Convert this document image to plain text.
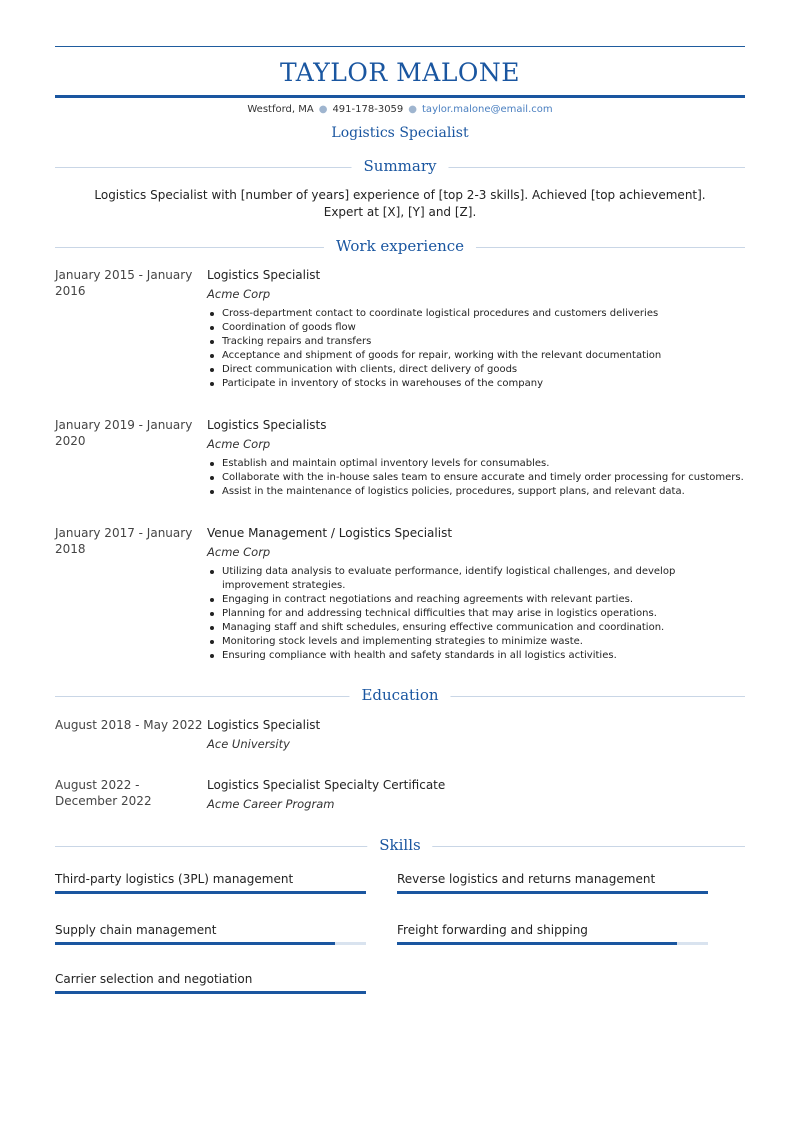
TAYLOR MALONE
Westford, MA ● 491-178-3059 ● taylor.malone@email.com
Logistics Specialist
Summary
Logistics Specialist with [number of years] experience of [top 2-3 skills]. Achieved [top achievement]. Expert at [X], [Y] and [Z].
Work experience
January 2015 - January 2016
Logistics Specialist
Acme Corp
Cross-department contact to coordinate logistical procedures and customers deliveries
Coordination of goods flow
Tracking repairs and transfers
Acceptance and shipment of goods for repair, working with the relevant documentation
Direct communication with clients, direct delivery of goods
Participate in inventory of stocks in warehouses of the company
January 2019 - January 2020
Logistics Specialists
Acme Corp
Establish and maintain optimal inventory levels for consumables.
Collaborate with the in-house sales team to ensure accurate and timely order processing for customers.
Assist in the maintenance of logistics policies, procedures, support plans, and relevant data.
January 2017 - January 2018
Venue Management / Logistics Specialist
Acme Corp
Utilizing data analysis to evaluate performance, identify logistical challenges, and develop improvement strategies.
Engaging in contract negotiations and reaching agreements with relevant parties.
Planning for and addressing technical difficulties that may arise in logistics operations.
Managing staff and shift schedules, ensuring effective communication and coordination.
Monitoring stock levels and implementing strategies to minimize waste.
Ensuring compliance with health and safety standards in all logistics activities.
Education
August 2018 - May 2022 Logistics Specialist
Ace University
August 2022 - December 2022
Logistics Specialist Specialty Certificate
Acme Career Program
Skills
Third-party logistics (3PL) management	Reverse logistics and returns management
Supply chain management	Freight forwarding and shipping
Carrier selection and negotiation
